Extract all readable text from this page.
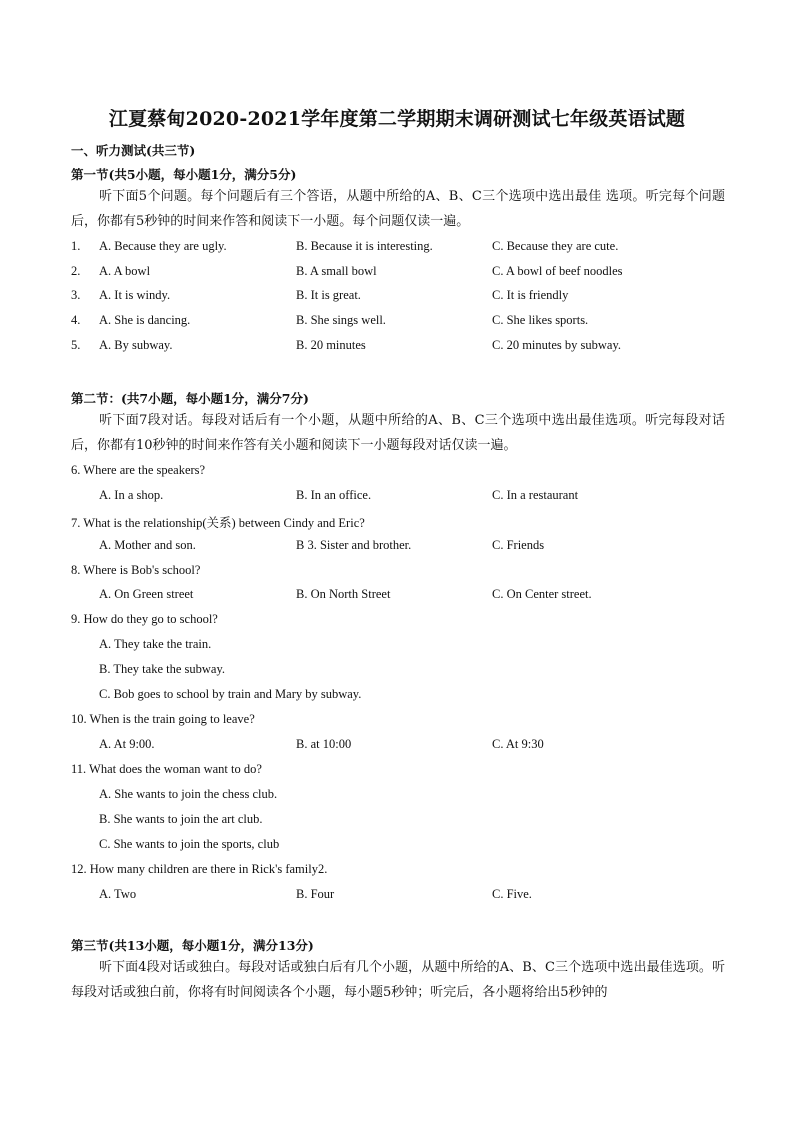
江夏蔡甸2020-2021学年度第二学期期末调研测试七年级英语试题
一、听力测试(共三节)
第一节(共5小题，每小题1分，满分5分)

听下面5个问题。每个问题后有三个答语，从题中所给的A、B、C三个选项中选出最佳 选项。听完每个问题后，你都有5秒钟的时间来作答和阅读下一小题。每个问题仅读一遍。

1. A. Because they are ugly.	B. Because it is interesting.	C. Because they are cute.
2. A. A bowl	B. A small bowl	C. A bowl of beef noodles
3. A. It is windy.	B. It is great.	C. It is friendly
4. A. She is dancing.	B. She sings well.	C. She likes sports.
5. A. By subway.	B. 20 minutes	C. 20 minutes by subway.
第二节：(共7小题，每小题1分，满分7分)

听下面7段对话。每段对话后有一个小题，从题中所给的A、B、C三个选项中选出最佳选项。听完每段对话后，你都有10秒钟的时间来作答有关小题和阅读下一小题每段对话仅读一遍。

6. Where are the speakers?
A. In a shop.	B. In an office.	C. In a restaurant
7. What is the relationship(关系) between Cindy and Eric?
A. Mother and son.	B 3. Sister and brother.	C. Friends
8. Where is Bob's school?
A. On Green street	B. On North Street	C. On Center street.
9. How do they go to school?
A. They take the train.
B. They take the subway.
C. Bob goes to school by train and Mary by subway.
10. When is the train going to leave?
A. At 9:00.	B. at 10:00	C. At 9:30
11. What does the woman want to do?
A. She wants to join the chess club.
B. She wants to join the art club.
C. She wants to join the sports, club
12. How many children are there in Rick's family2.
A. Two	B. Four	C. Five.
第三节(共13小题，每小题1分，满分13分)

听下面4段对话或独白。每段对话或独白后有几个小题，从题中所给的A、B、C三个选项中选出最佳选项。听每段对话或独白前，你将有时间阅读各个小题，每小题5秒钟；听完后，各小题将给出5秒钟的
